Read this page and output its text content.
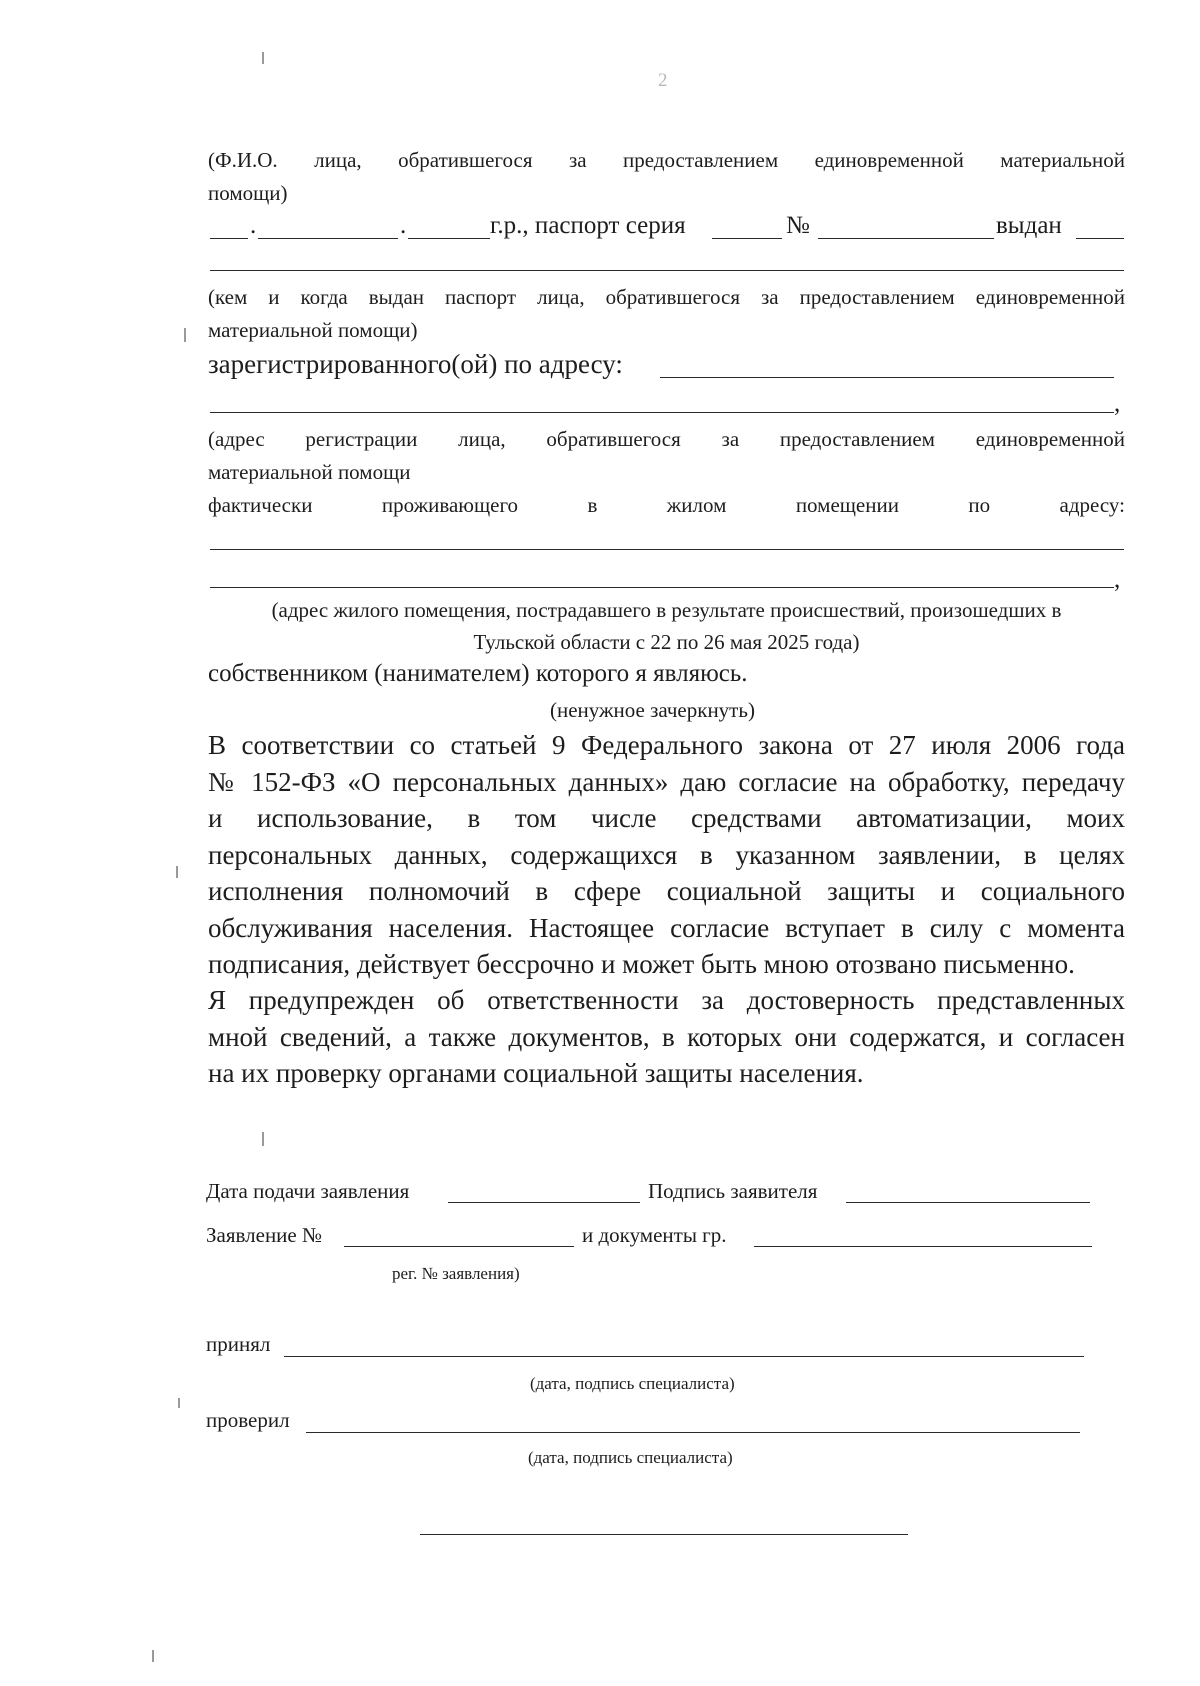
2
(Ф.И.О. лица, обратившегося за предоставлением единовременной материальной
помощи)
.	.	г.р., паспорт серия	№	выдан
(кем и когда выдан паспорт лица, обратившегося за предоставлением единовременной
материальной помощи)
зарегистрированного(ой) по адресу:
,
(адрес регистрации лица, обратившегося за предоставлением единовременной
материальной помощи
фактически проживающего в жилом помещении по адресу:
,
(адрес жилого помещения, пострадавшего в результате происшествий, произошедших в
Тульской области с 22 по 26 мая 2025 года)
собственником (нанимателем) которого я являюсь.
(ненужное зачеркнуть)
В соответствии со статьей 9 Федерального закона от 27 июля 2006 года
№ 152-ФЗ «О персональных данных» даю согласие на обработку, передачу
и использование, в том числе средствами автоматизации, моих
персональных данных, содержащихся в указанном заявлении, в целях
исполнения полномочий в сфере социальной защиты и социального
обслуживания населения. Настоящее согласие вступает в силу с момента
подписания, действует бессрочно и может быть мною отозвано письменно.
Я предупрежден об ответственности за достоверность представленных
мной сведений, а также документов, в которых они содержатся, и согласен
на их проверку органами социальной защиты населения.
Дата подачи заявления	Подпись заявителя
Заявление №	и документы гр.
рег. № заявления)
принял
(дата, подпись специалиста)
проверил
(дата, подпись специалиста)
